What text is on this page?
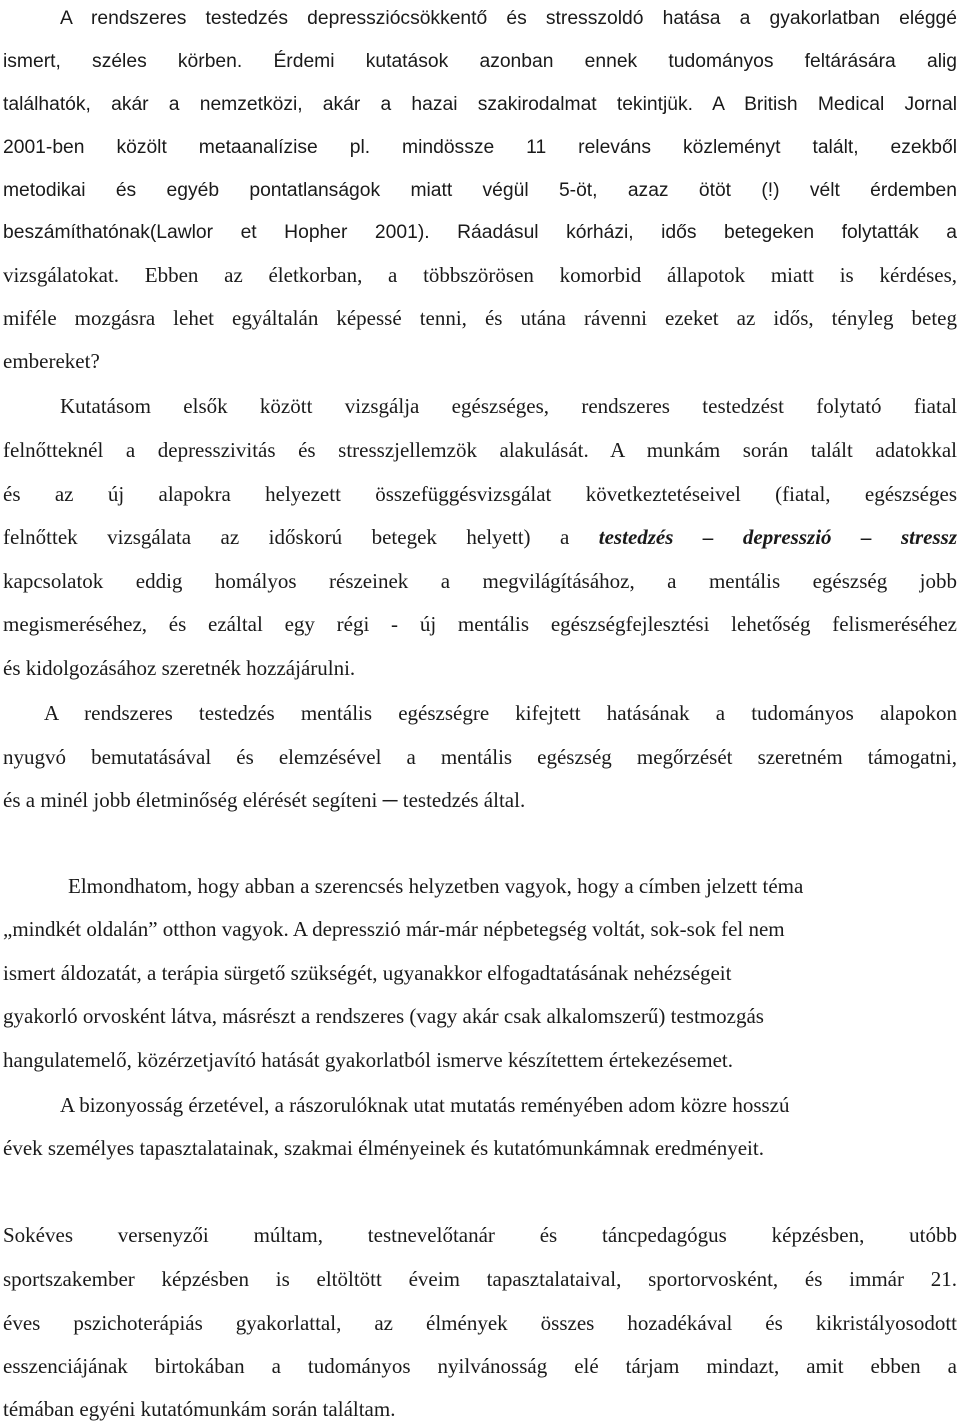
A rendszeres testedzés depressziócsökkentő és stresszoldó hatása a gyakorlatban eléggé
ismert, széles körben. Érdemi kutatások azonban ennek tudományos feltárására alig
találhatók, akár a nemzetközi, akár a hazai szakirodalmat tekintjük. A British Medical Jornal
2001-ben közölt metaanalízise pl. mindössze 11 releváns közleményt talált, ezekből
metodikai és egyéb pontatlanságok miatt végül 5-öt, azaz ötöt (!) vélt érdemben
beszámíthatónak(Lawlor et Hopher 2001). Ráadásul kórházi, idős betegeken folytatták a
vizsgálatokat. Ebben az életkorban, a többszörösen komorbid állapotok miatt is kérdéses,
miféle mozgásra lehet egyáltalán képessé tenni, és utána rávenni ezeket az idős, tényleg beteg
embereket?
Kutatásom elsők között vizsgálja egészséges, rendszeres testedzést folytató fiatal
felnőtteknél a depresszivitás és stresszjellemzök alakulását. A munkám során talált adatokkal
és az új alapokra helyezett összefüggésvizsgálat következtetéseivel (fiatal, egészséges
felnőttek vizsgálata az időskorú betegek helyett) a testedzés – depresszió – stressz
kapcsolatok eddig homályos részeinek a megvilágításához, a mentális egészség jobb
megismeréséhez, és ezáltal egy régi - új mentális egészségfejlesztési lehetőség felismeréséhez
és kidolgozásához szeretnék hozzájárulni.
A rendszeres testedzés mentális egészségre kifejtett hatásának a tudományos alapokon
nyugvó bemutatásával és elemzésével a mentális egészség megőrzését szeretném támogatni,
és a minél jobb életminőség elérését segíteni ─ testedzés által.
Elmondhatom, hogy abban a szerencsés helyzetben vagyok, hogy a címben jelzett téma
„mindkét oldalán” otthon vagyok. A depresszió már-már népbetegség voltát, sok-sok fel nem
ismert áldozatát, a terápia sürgető szükségét, ugyanakkor elfogadtatásának nehézségeit
gyakorló orvosként látva, másrészt a rendszeres (vagy akár csak alkalomszerű) testmozgás
hangulatemelő, közérzetjavító hatását gyakorlatból ismerve készítettem értekezésemet.
A bizonyosság érzetével, a rászorulóknak utat mutatás reményében adom közre hosszú
évek személyes tapasztalatainak, szakmai élményeinek és kutatómunkámnak eredményeit.
Sokéves versenyzői múltam, testnevelőtanár és táncpedagógus képzésben, utóbb
sportszakember képzésben is eltöltött éveim tapasztalataival, sportorvosként, és immár 21.
éves pszichoterápiás gyakorlattal, az élmények összes hozadékával és kikristályosodott
esszenciájának birtokában a tudományos nyilvánosság elé tárjam mindazt, amit ebben a
témában egyéni kutatómunkám során találtam.
